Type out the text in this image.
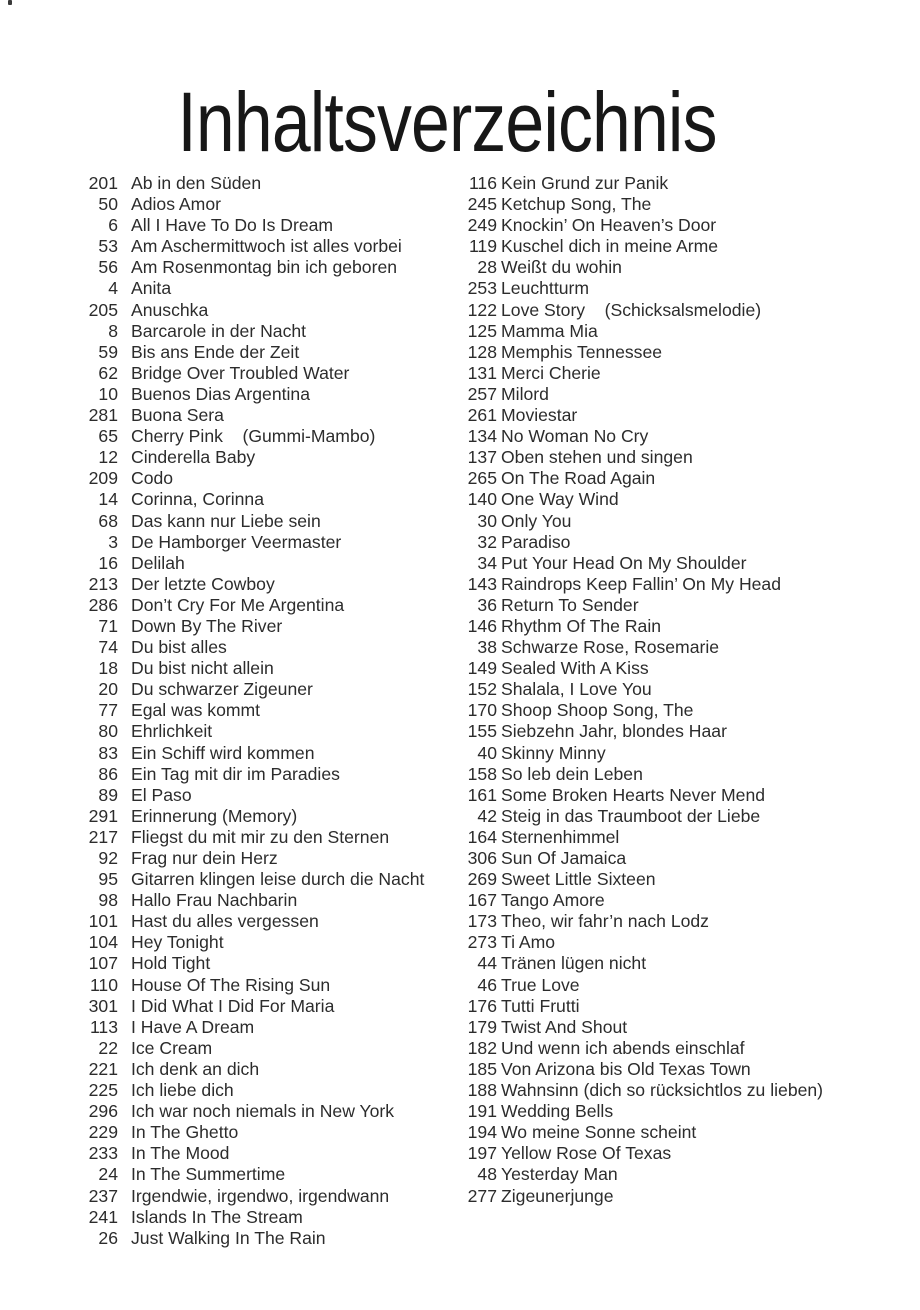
Inhaltsverzeichnis
201 Ab in den Süden
50 Adios Amor
6 All I Have To Do Is Dream
53 Am Aschermittwoch ist alles vorbei
56 Am Rosenmontag bin ich geboren
4 Anita
205 Anuschka
8 Barcarole in der Nacht
59 Bis ans Ende der Zeit
62 Bridge Over Troubled Water
10 Buenos Dias Argentina
281 Buona Sera
65 Cherry Pink    (Gummi-Mambo)
12 Cinderella Baby
209 Codo
14 Corinna, Corinna
68 Das kann nur Liebe sein
3 De Hamborger Veermaster
16 Delilah
213 Der letzte Cowboy
286 Don’t Cry For Me Argentina
71 Down By The River
74 Du bist alles
18 Du bist nicht allein
20 Du schwarzer Zigeuner
77 Egal was kommt
80 Ehrlichkeit
83 Ein Schiff wird kommen
86 Ein Tag mit dir im Paradies
89 El Paso
291 Erinnerung (Memory)
217 Fliegst du mit mir zu den Sternen
92 Frag nur dein Herz
95 Gitarren klingen leise durch die Nacht
98 Hallo Frau Nachbarin
101 Hast du alles vergessen
104 Hey Tonight
107 Hold Tight
110 House Of The Rising Sun
301 I Did What I Did For Maria
113 I Have A Dream
22 Ice Cream
221 Ich denk an dich
225 Ich liebe dich
296 Ich war noch niemals in New York
229 In The Ghetto
233 In The Mood
24 In The Summertime
237 Irgendwie, irgendwo, irgendwann
241 Islands In The Stream
26 Just Walking In The Rain
116 Kein Grund zur Panik
245 Ketchup Song, The
249 Knockin’ On Heaven’s Door
119 Kuschel dich in meine Arme
28 Weißt du wohin
253 Leuchtturm
122 Love Story    (Schicksalsmelodie)
125 Mamma Mia
128 Memphis Tennessee
131 Merci Cherie
257 Milord
261 Moviestar
134 No Woman No Cry
137 Oben stehen und singen
265 On The Road Again
140 One Way Wind
30 Only You
32 Paradiso
34 Put Your Head On My Shoulder
143 Raindrops Keep Fallin’ On My Head
36 Return To Sender
146 Rhythm Of The Rain
38 Schwarze Rose, Rosemarie
149 Sealed With A Kiss
152 Shalala, I Love You
170 Shoop Shoop Song, The
155 Siebzehn Jahr, blondes Haar
40 Skinny Minny
158 So leb dein Leben
161 Some Broken Hearts Never Mend
42 Steig in das Traumboot der Liebe
164 Sternenhimmel
306 Sun Of Jamaica
269 Sweet Little Sixteen
167 Tango Amore
173 Theo, wir fahr’n nach Lodz
273 Ti Amo
44 Tränen lügen nicht
46 True Love
176 Tutti Frutti
179 Twist And Shout
182 Und wenn ich abends einschlaf
185 Von Arizona bis Old Texas Town
188 Wahnsinn (dich so rücksichtlos zu lieben)
191 Wedding Bells
194 Wo meine Sonne scheint
197 Yellow Rose Of Texas
48 Yesterday Man
277 Zigeunerjunge
